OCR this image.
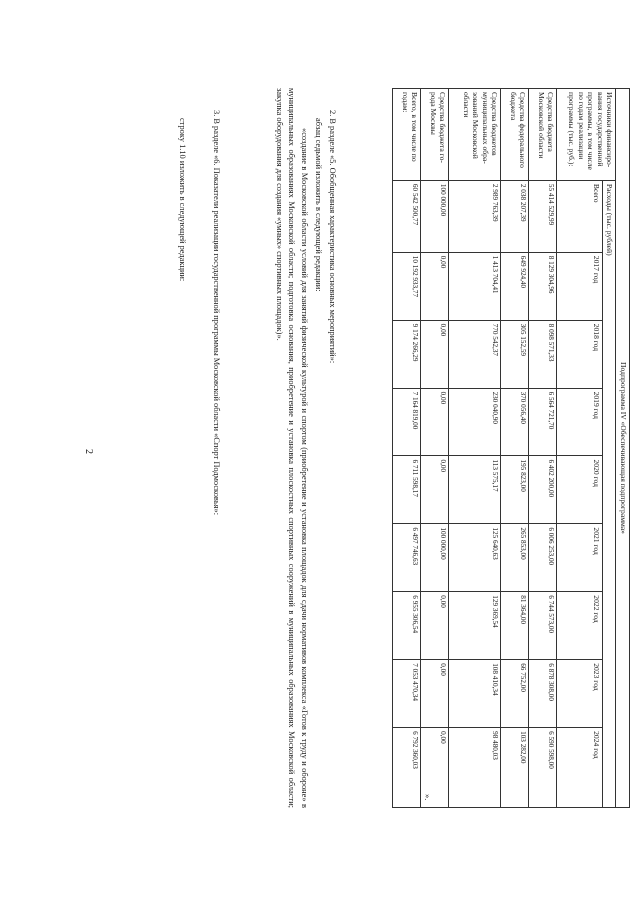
2	Подпрограмма IV «Обеспечивающая подпрограмма»									
Источники финансиро-вания государственной программы, в том числе по годам реализации программы (тыс. руб.):	Расходы (тыс. рублей)								
	Всего	2017 год	2018 год	2019 год	2020 год	2021 год	2022 год	2023 год	2024 год
Средства бюджета Московской области	55 414 529,99	8 129 304,96	8 098 571,33	6 564 721,70	6 402 200,00	6 006 253,00	6 744 573,00	6 878 308,00	6 590 598,00
Средства федерального бюджета	2 038 207,39	649 924,40	305 152,59	370 056,40	195 823,00	265 853,00	81 364,00	66 752,00	103 282,00
Средства бюджетов муниципальных обра-зований Московской области	2 989 763,39	1 413 704,41	770 542,37	230 040,90	113 575,17	125 640,63	129 369,54	108 410,34	98 480,03
Средства бюджета го-рода Москвы	100 000,00	0,00	0,00	0,00	0,00	100 000,00	0,00	0,00	0,00
Всего, в том числе по годам:	60 542 500,77	10 192 933,77	9 174 266,29	7 164 819,00	6 711 598,17	6 497 746,63	6 955 306,54	7 053 470,34	6 792 360,03
».
2. В разделе «5. Обобщенная характеристика основных мероприятий»:
абзац седьмой изложить в следующей редакции:
«создание в Московской области условий для занятий физической культурой и спортом (приобретение и установка площадок для сдачи нормативов комплекса «Готов к труду и обороне» в муниципальных образованиях Московской области; подготовка основания, приобретение и установка плоскостных спортивных сооружений в муниципальных образованиях Московской области; закупка оборудования для создания «умных» спортивных площадок)».
3. В разделе «6. Показатели реализации государственной программы Московской области «Спорт Подмосковья»:
строку 1.10 изложить в следующей редакции:
